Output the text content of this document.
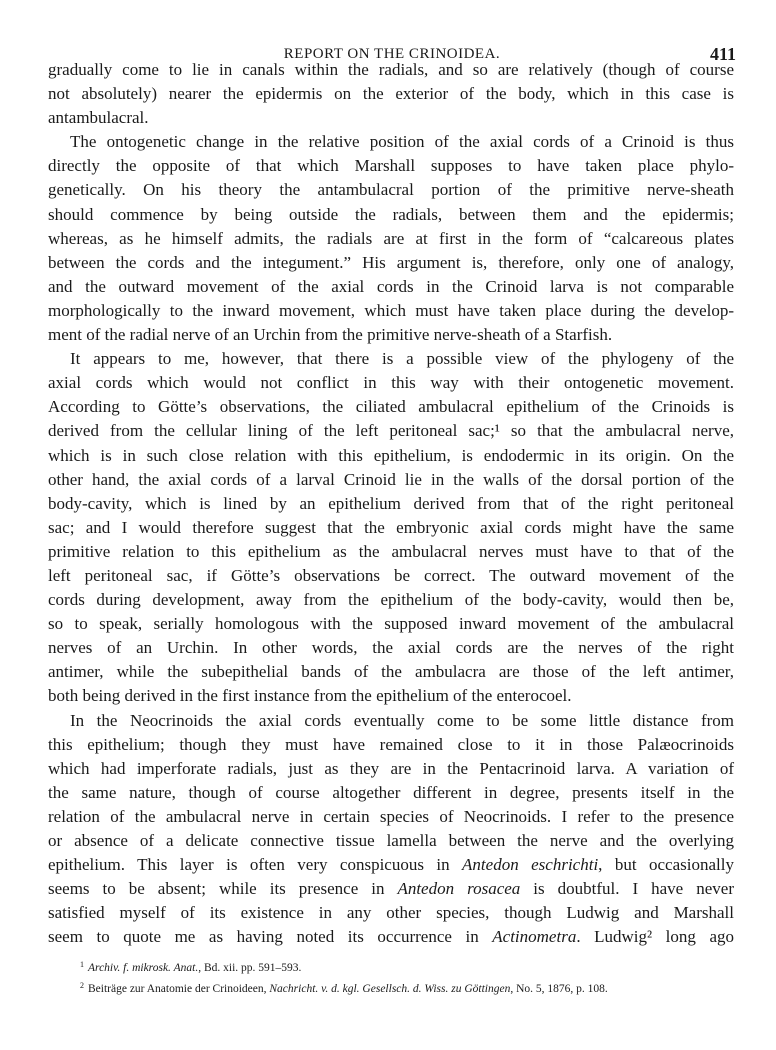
REPORT ON THE CRINOIDEA.	411
gradually come to lie in canals within the radials, and so are relatively (though of course
not absolutely) nearer the epidermis on the exterior of the body, which in this case is
antambulacral.
The ontogenetic change in the relative position of the axial cords of a Crinoid is thus
directly the opposite of that which Marshall supposes to have taken place phylo-
genetically. On his theory the antambulacral portion of the primitive nerve-sheath
should commence by being outside the radials, between them and the epidermis;
whereas, as he himself admits, the radials are at first in the form of “calcareous plates
between the cords and the integument.” His argument is, therefore, only one of analogy,
and the outward movement of the axial cords in the Crinoid larva is not comparable
morphologically to the inward movement, which must have taken place during the develop-
ment of the radial nerve of an Urchin from the primitive nerve-sheath of a Starfish.
It appears to me, however, that there is a possible view of the phylogeny of the
axial cords which would not conflict in this way with their ontogenetic movement.
According to Götte’s observations, the ciliated ambulacral epithelium of the Crinoids is
derived from the cellular lining of the left peritoneal sac;¹ so that the ambulacral nerve,
which is in such close relation with this epithelium, is endodermic in its origin. On the
other hand, the axial cords of a larval Crinoid lie in the walls of the dorsal portion of the
body-cavity, which is lined by an epithelium derived from that of the right peritoneal
sac; and I would therefore suggest that the embryonic axial cords might have the same
primitive relation to this epithelium as the ambulacral nerves must have to that of the
left peritoneal sac, if Götte’s observations be correct. The outward movement of the
cords during development, away from the epithelium of the body-cavity, would then be,
so to speak, serially homologous with the supposed inward movement of the ambulacral
nerves of an Urchin. In other words, the axial cords are the nerves of the right
antimer, while the subepithelial bands of the ambulacra are those of the left antimer,
both being derived in the first instance from the epithelium of the enterocoel.
In the Neocrinoids the axial cords eventually come to be some little distance from
this epithelium; though they must have remained close to it in those Palæocrinoids
which had imperforate radials, just as they are in the Pentacrinoid larva. A variation of
the same nature, though of course altogether different in degree, presents itself in the
relation of the ambulacral nerve in certain species of Neocrinoids. I refer to the presence
or absence of a delicate connective tissue lamella between the nerve and the overlying
epithelium. This layer is often very conspicuous in Antedon eschrichti, but occasionally
seems to be absent; while its presence in Antedon rosacea is doubtful. I have never
satisfied myself of its existence in any other species, though Ludwig and Marshall
seem to quote me as having noted its occurrence in Actinometra. Ludwig² long ago
$^1$ Archiv. f. mikrosk. Anat., Bd. xii. pp. 591–593.
$^2$ Beiträge zur Anatomie der Crinoideen, Nachricht. v. d. kgl. Gesellsch. d. Wiss. zu Göttingen, No. 5, 1876, p. 108.
